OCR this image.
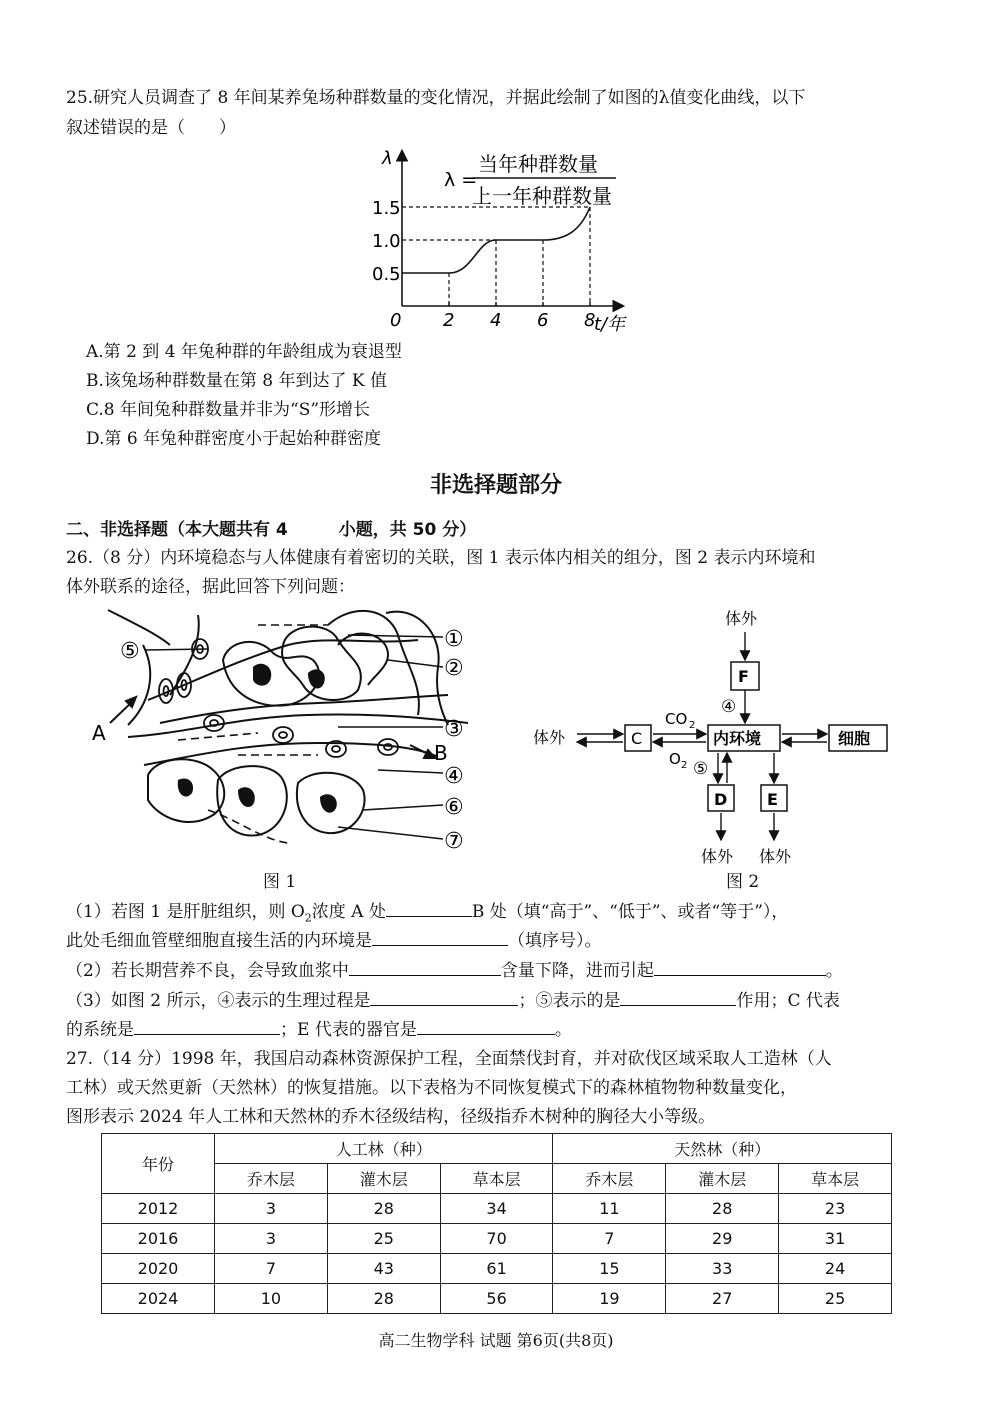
25.研究人员调查了 8 年间某养兔场种群数量的变化情况，并据此绘制了如图的λ值变化曲线，以下
叙述错误的是（　　）
λ
t/年
0
λ =
当年种群数量
上一年种群数量
2 4 6 8
0.5
1.0
1.5
A.第 2 到 4 年兔种群的年龄组成为衰退型
B.该兔场种群数量在第 8 年到达了 K 值
C.8 年间兔种群数量并非为“S”形增长
D.第 6 年兔种群密度小于起始种群密度
非选择题部分
二、非选择题（本大题共有 4　　　小题，共 50 分）
26.（8 分）内环境稳态与人体健康有着密切的关联，图 1 表示体内相关的组分，图 2 表示内环境和
体外联系的途径，据此回答下列问题：
A
B
⑤	①
②
③
④
⑥
⑦
图 1
体外
体外
体外 体外
F
C	内环境	细胞
D E
CO 2
O 2
④
⑤
图 2
（1）若图 1 是肝脏组织，则 $O_2$浓度 A 处	B 处（填“高于”、“低于”、或者“等于”），
此处毛细血管壁细胞直接生活的内环境是	（填序号）。
（2）若长期营养不良，会导致血浆中	含量下降，进而引起	。
（3）如图 2 所示，④表示的生理过程是	；⑤表示的是	作用；C 代表
的系统是	；E 代表的器官是	。
27.（14 分）1998 年，我国启动森林资源保护工程，全面禁伐封育，并对砍伐区域采取人工造林（人
工林）或天然更新（天然林）的恢复措施。以下表格为不同恢复模式下的森林植物物种数量变化，
图形表示 2024 年人工林和天然林的乔木径级结构，径级指乔木树种的胸径大小等级。
年份	人工林（种）			天然林（种）		
	乔木层	灌木层	草本层	乔木层	灌木层	草本层
2012	3	28	34	11	28	23
2016	3	25	70	7	29	31
2020	7	43	61	15	33	24
2024	10	28	56	19	27	25
高二生物学科 试题 第6页(共8页)
